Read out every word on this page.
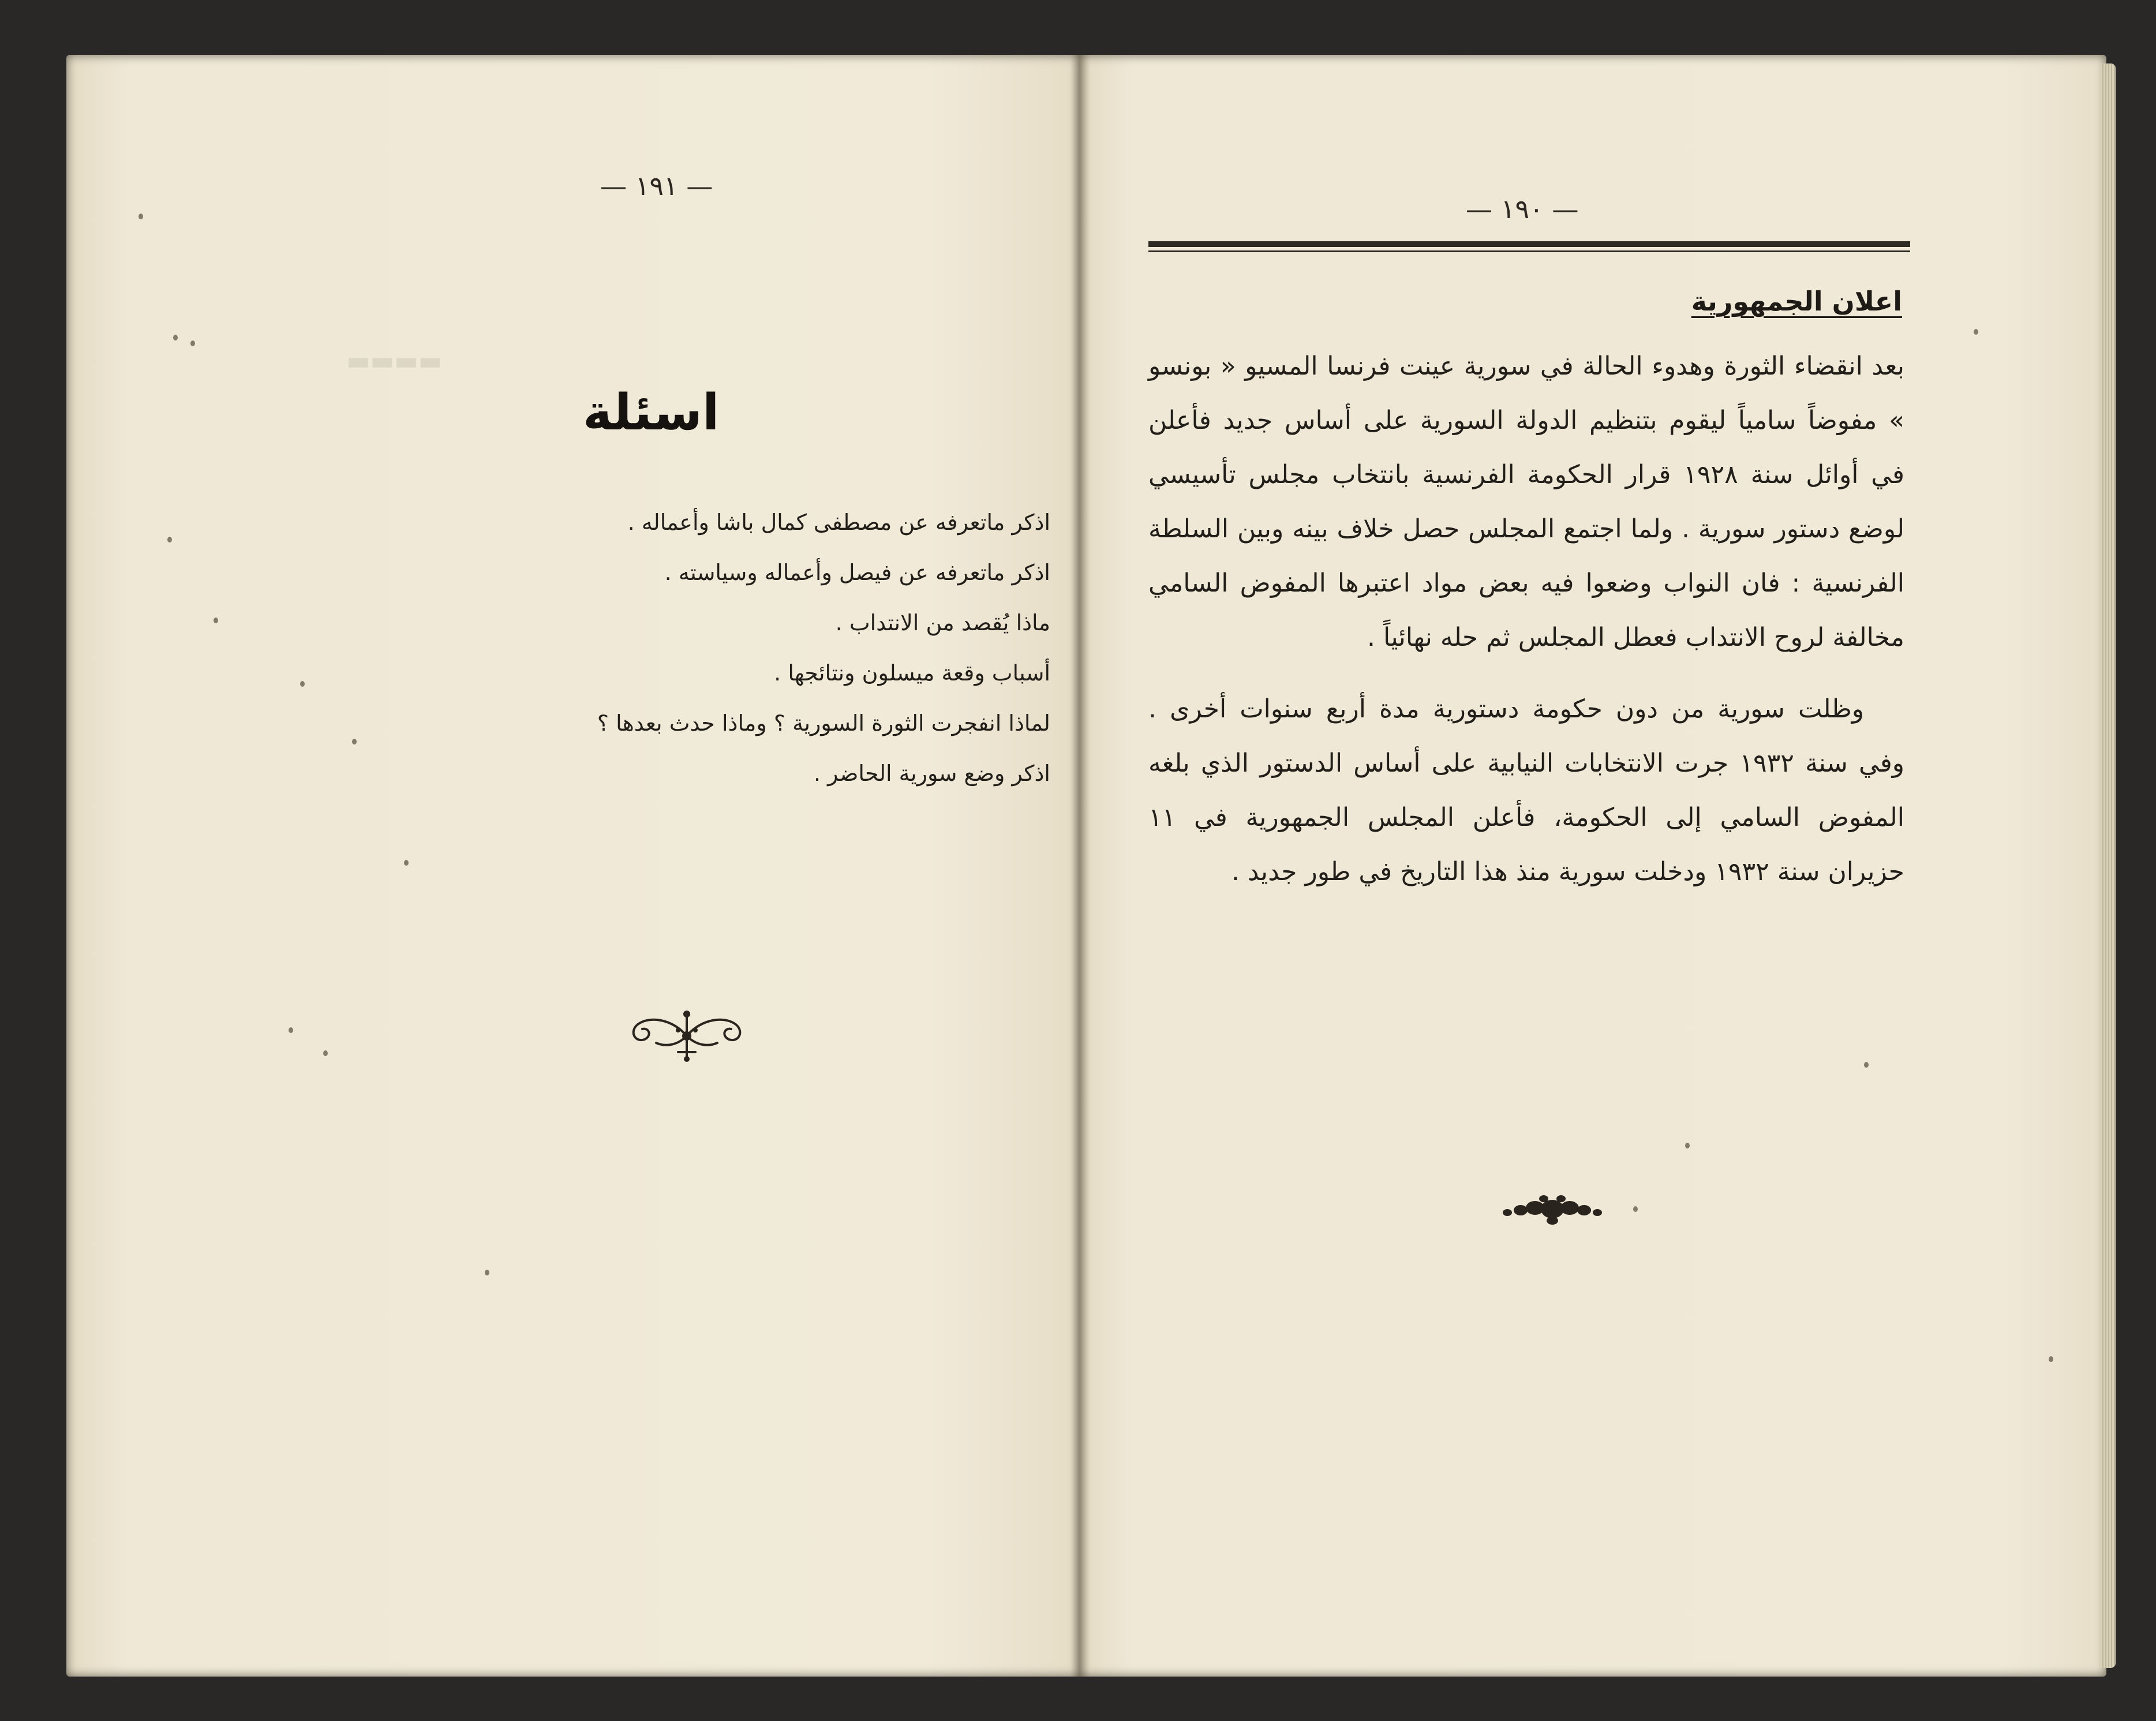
▬▬▬▬
— ١٩١ —
اسئلة
اذكر ماتعرفه عن مصطفى كمال باشا وأعماله .
اذكر ماتعرفه عن فيصل وأعماله وسياسته .
ماذا يُقصد من الانتداب .
أسباب وقعة ميسلون ونتائجها .
لماذا انفجرت الثورة السورية ؟ وماذا حدث بعدها ؟
اذكر وضع سورية الحاضر .
— ١٩٠ —
اعلان الجمهورية

بعد انقضاء الثورة وهدوء الحالة في سورية عينت فرنسا المسيو « بونسو » مفوضاً سامياً ليقوم بتنظيم الدولة السورية على أساس جديد فأعلن في أوائل سنة ١٩٢٨ قرار الحكومة الفرنسية بانتخاب مجلس تأسيسي لوضع دستور سورية . ولما اجتمع المجلس حصل خلاف بينه وبين السلطة الفرنسية : فان النواب وضعوا فيه بعض مواد اعتبرها المفوض السامي مخالفة لروح الانتداب فعطل المجلس ثم حله نهائياً .

وظلت سورية من دون حكومة دستورية مدة أربع سنوات أخرى . وفي سنة ١٩٣٢ جرت الانتخابات النيابية على أساس الدستور الذي بلغه المفوض السامي إلى الحكومة، فأعلن المجلس الجمهورية في ١١ حزيران سنة ١٩٣٢ ودخلت سورية منذ هذا التاريخ في طور جديد .
